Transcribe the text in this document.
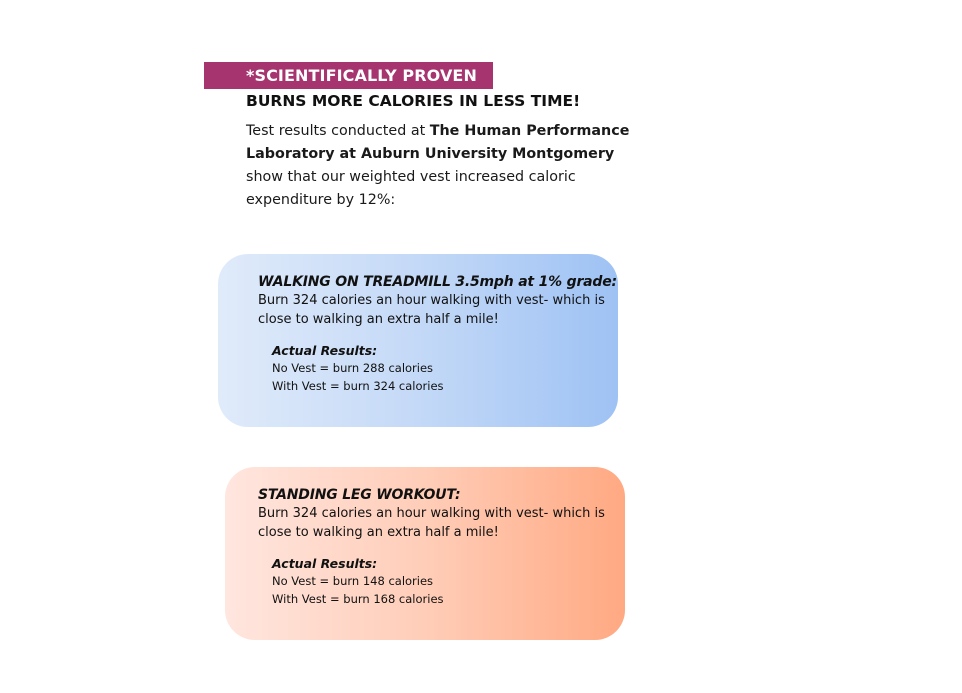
*SCIENTIFICALLY PROVEN
BURNS MORE CALORIES IN LESS TIME!
Test results conducted at The Human Performance Laboratory at Auburn University Montgomery show that our weighted vest increased caloric expenditure by 12%:
WALKING ON TREADMILL 3.5mph at 1% grade:
Burn 324 calories an hour walking with vest- which is close to walking an extra half a mile!
Actual Results:
No Vest = burn 288 calories
With Vest = burn 324 calories
STANDING LEG WORKOUT:
Burn 324 calories an hour walking with vest- which is close to walking an extra half a mile!
Actual Results:
No Vest = burn 148 calories
With Vest = burn 168 calories
